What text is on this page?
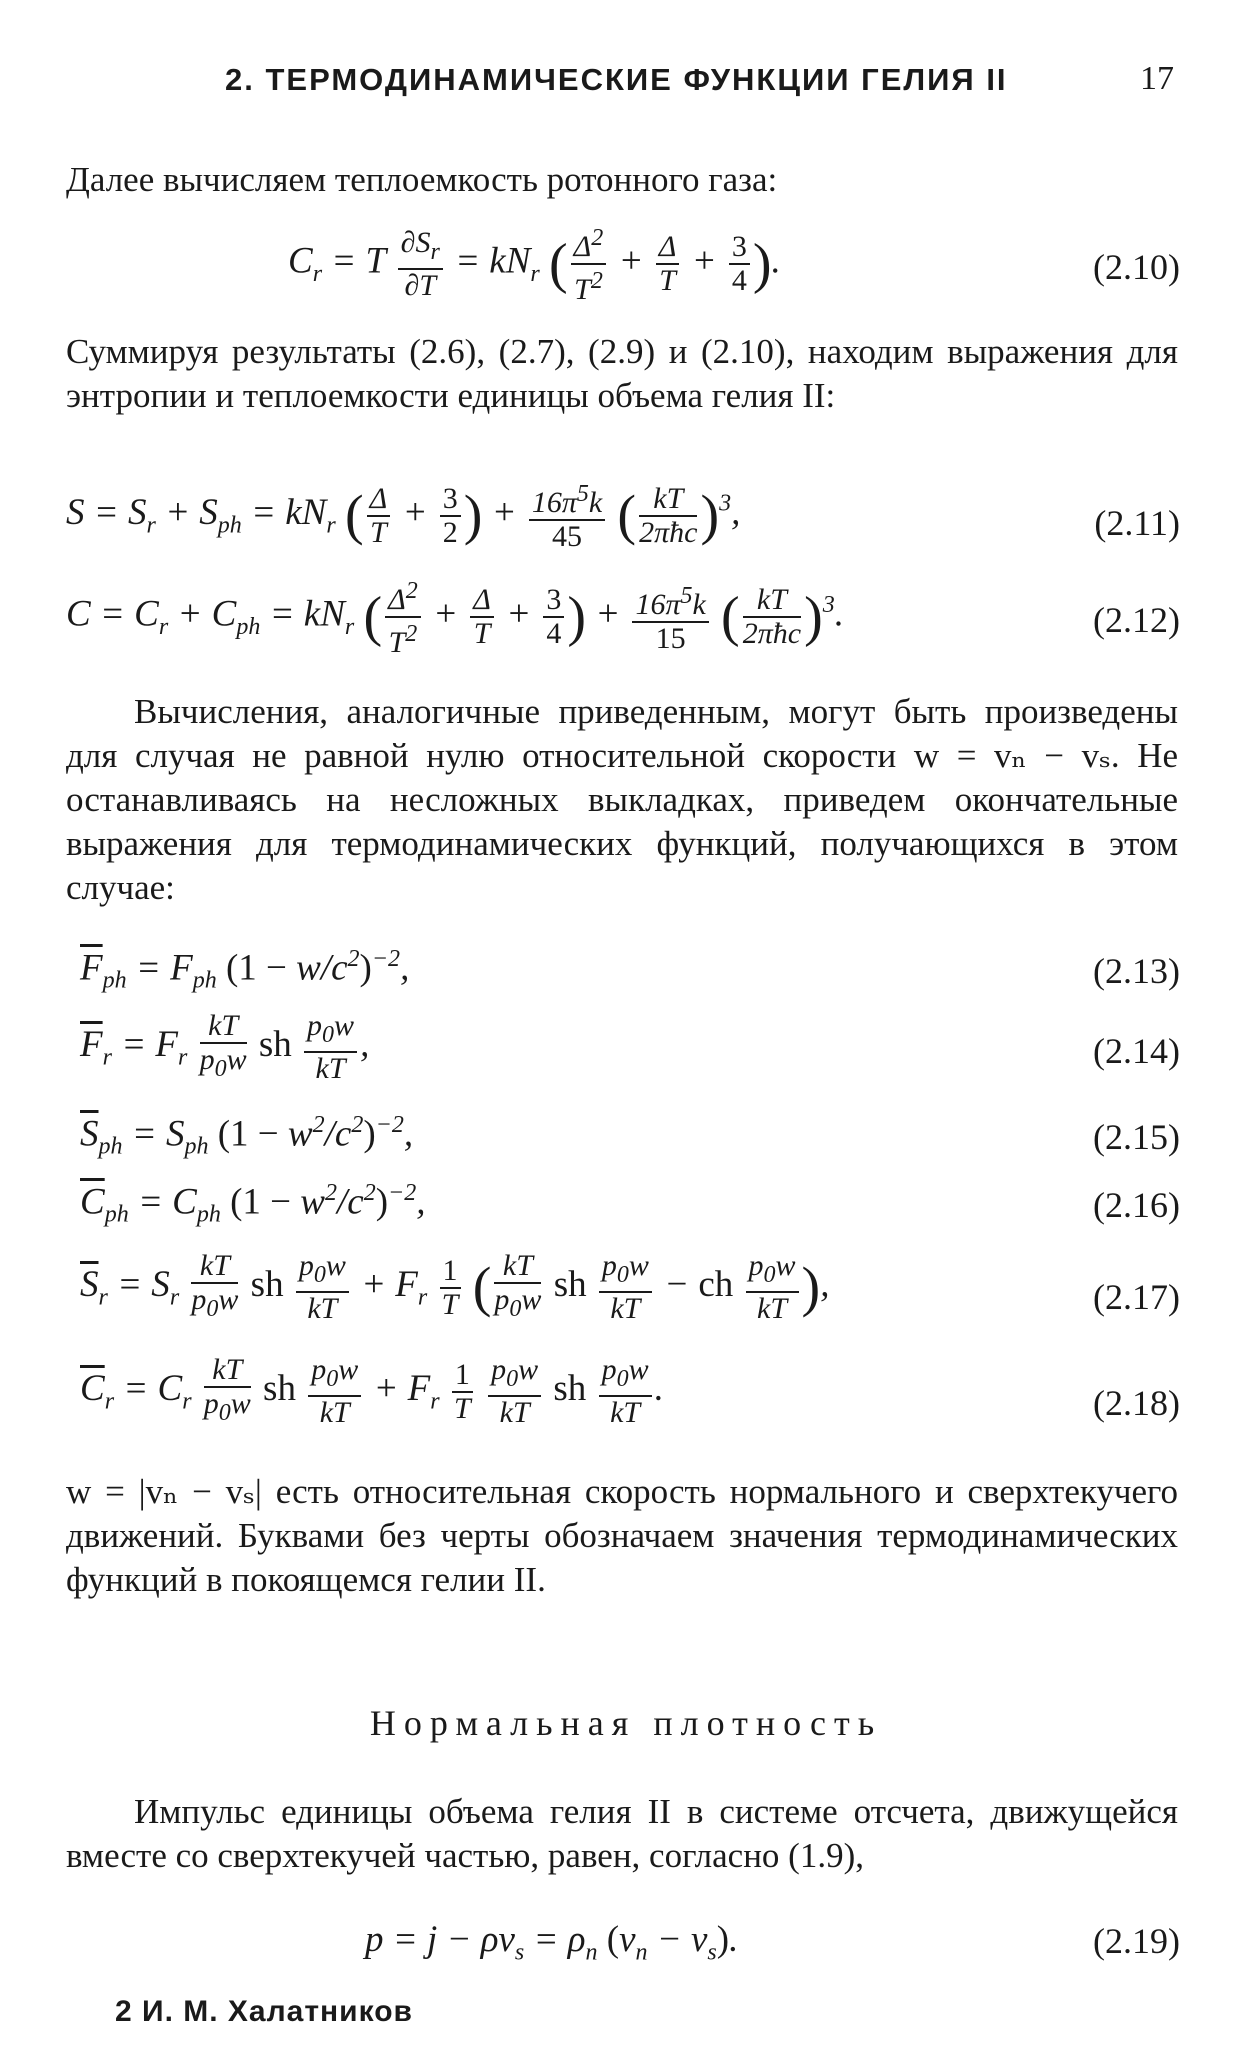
2. ТЕРМОДИНАМИЧЕСКИЕ ФУНКЦИИ ГЕЛИЯ II	17
Далее вычисляем теплоемкость ротонного газа:
$C_r = T \frac{\partial S_r}{\partial T} = kN_r$ ( $\frac{\Delta^2}{T^2} + \frac{\Delta}{T} + \frac{3}{4}$ ).	(2.10)
Суммируя результаты (2.6), (2.7), (2.9) и (2.10), находим выражения для энтропии и теплоемкости единицы объема гелия II:
$S = S_r + S_{ph} = kN_r$ ( $\frac{\Delta}{T} + \frac{3}{2}$ ) + $\frac{16\pi^5k}{45}$ ( $\frac{kT}{\text{2πħc}} )^3$,	(2.11)
$C = C_r + C_{ph} = kN_r$ ( $\frac{\Delta^2}{T^2} + \frac{\Delta}{T} + \frac{3}{4}$ ) + $\frac{16\pi^5k}{15}$ ( $\frac{kT}{\text{2πħc}} )^3$.	(2.12)
Вычисления, аналогичные приведенным, могут быть произведены для случая не равной нулю относительной скорости w = vₙ − vₛ. Не останавливаясь на несложных выкладках, приведем окончательные выражения для термодинамических функций, получающихся в этом случае:
$\overline{F}_{ph} = F_{ph}$ $(1 - w/c^2)^{-2}$,	(2.13)
$\overline{F}_r = F_r \frac{kT}{p_0w}$ sh $\frac{p_0w}{kT}$ ,	(2.14)
$\overline{S}_{ph} = S_{ph}$ $(1 - w^2/c^2)^{-2}$,	(2.15)
$\overline{C}_{ph} = C_{ph}$ $(1 - w^2/c^2)^{-2}$,	(2.16)
$\overline{S}_r = S_r \frac{kT}{p_0w}$ sh $\frac{p_0w}{kT} + F_r \frac{1}{T}$ ( $\frac{kT}{p_0w}$ sh $\frac{p_0w}{kT}$ − ch $\frac{p_0w}{kT}$ ),	(2.17)
$\overline{C}_r = C_r \frac{kT}{p_0w}$ sh $\frac{p_0w}{kT} + F_r \frac{1}{T}$
$\frac{p_0w}{kT}$ sh $\frac{p_0w}{kT}$ .	(2.18)
w = |vₙ − vₛ| есть относительная скорость нормального и сверхтекучего движений. Буквами без черты обозначаем значения термодинамических функций в покоящемся гелии II.
Нормальная плотность
Импульс единицы объема гелия II в системе отсчета, движущейся вместе со сверхтекучей частью, равен, согласно (1.9),
$p = j - \rho v_s = \rho_n$ $(v_n - v_s)$.	(2.19)
2 И. М. Халатников
